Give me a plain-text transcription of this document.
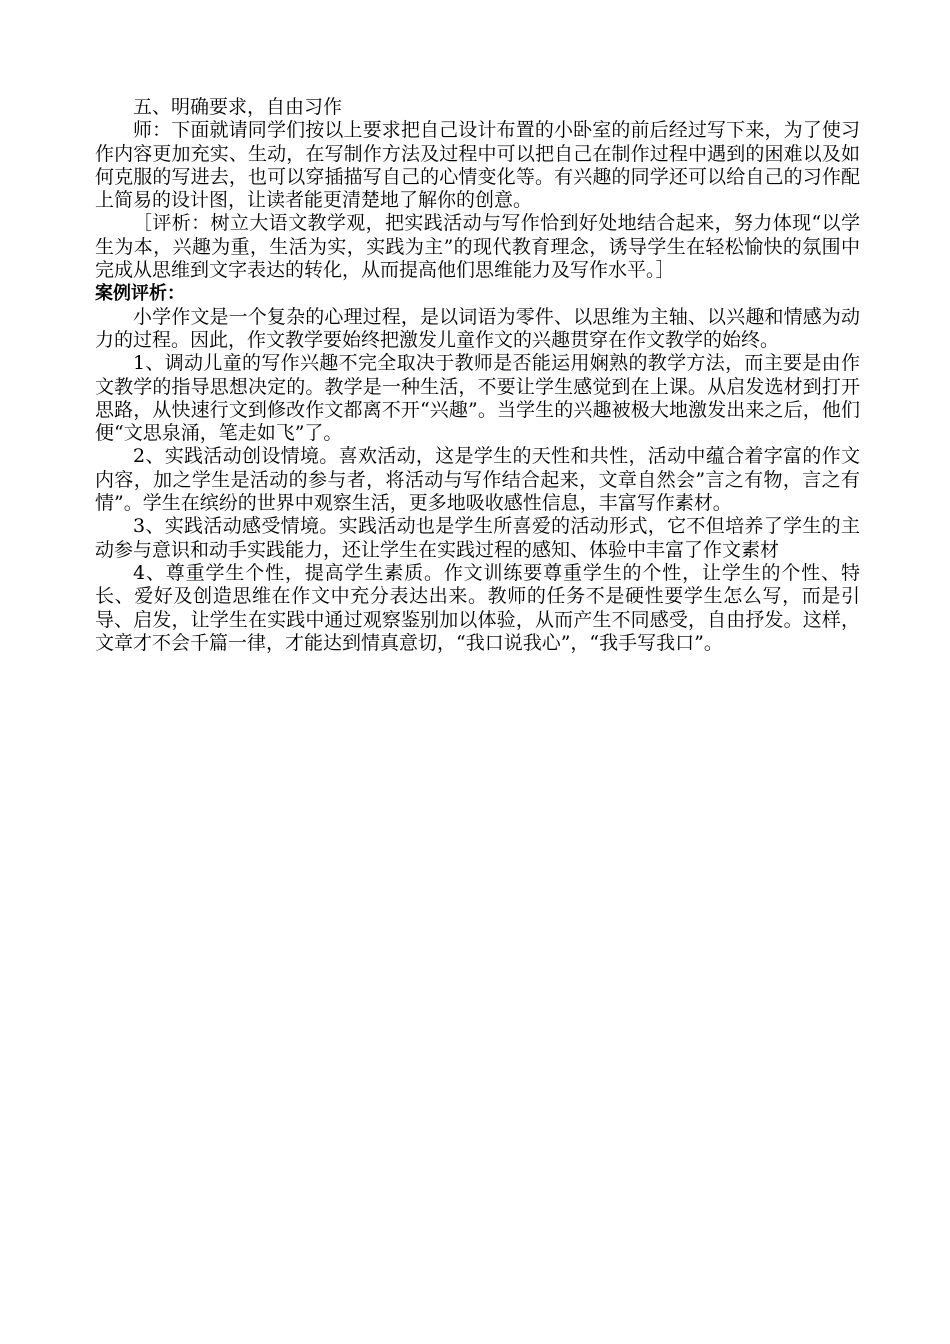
五、明确要求，自由习作

师：下面就请同学们按以上要求把自己设计布置的小卧室的前后经过写下来，为了使习作内容更加充实、生动，在写制作方法及过程中可以把自己在制作过程中遇到的困难以及如何克服的写进去，也可以穿插描写自己的心情变化等。有兴趣的同学还可以给自己的习作配上简易的设计图，让读者能更清楚地了解你的创意。

［评析：树立大语文教学观，把实践活动与写作恰到好处地结合起来，努力体现“以学生为本，兴趣为重，生活为实，实践为主”的现代教育理念，诱导学生在轻松愉快的氛围中完成从思维到文字表达的转化，从而提高他们思维能力及写作水平。］

案例评析：

小学作文是一个复杂的心理过程，是以词语为零件、以思维为主轴、以兴趣和情感为动力的过程。因此，作文教学要始终把激发儿童作文的兴趣贯穿在作文教学的始终。

1、调动儿童的写作兴趣不完全取决于教师是否能运用娴熟的教学方法，而主要是由作文教学的指导思想决定的。教学是一种生活，不要让学生感觉到在上课。从启发选材到打开思路，从快速行文到修改作文都离不开“兴趣”。当学生的兴趣被极大地激发出来之后，他们便“文思泉涌，笔走如飞”了。

2、实践活动创设情境。喜欢活动，这是学生的天性和共性，活动中蕴合着字富的作文内容，加之学生是活动的参与者，将活动与写作结合起来，文章自然会”言之有物，言之有情”。学生在缤纷的世界中观察生活，更多地吸收感性信息，丰富写作素材。

3、实践活动感受情境。实践活动也是学生所喜爱的活动形式，它不但培养了学生的主动参与意识和动手实践能力，还让学生在实践过程的感知、体验中丰富了作文素材

4、尊重学生个性，提高学生素质。作文训练要尊重学生的个性，让学生的个性、特长、爱好及创造思维在作文中充分表达出来。教师的任务不是硬性要学生怎么写，而是引导、启发，让学生在实践中通过观察鉴别加以体验，从而产生不同感受，自由抒发。这样，文章才不会千篇一律，才能达到情真意切，“我口说我心”，“我手写我口”。
